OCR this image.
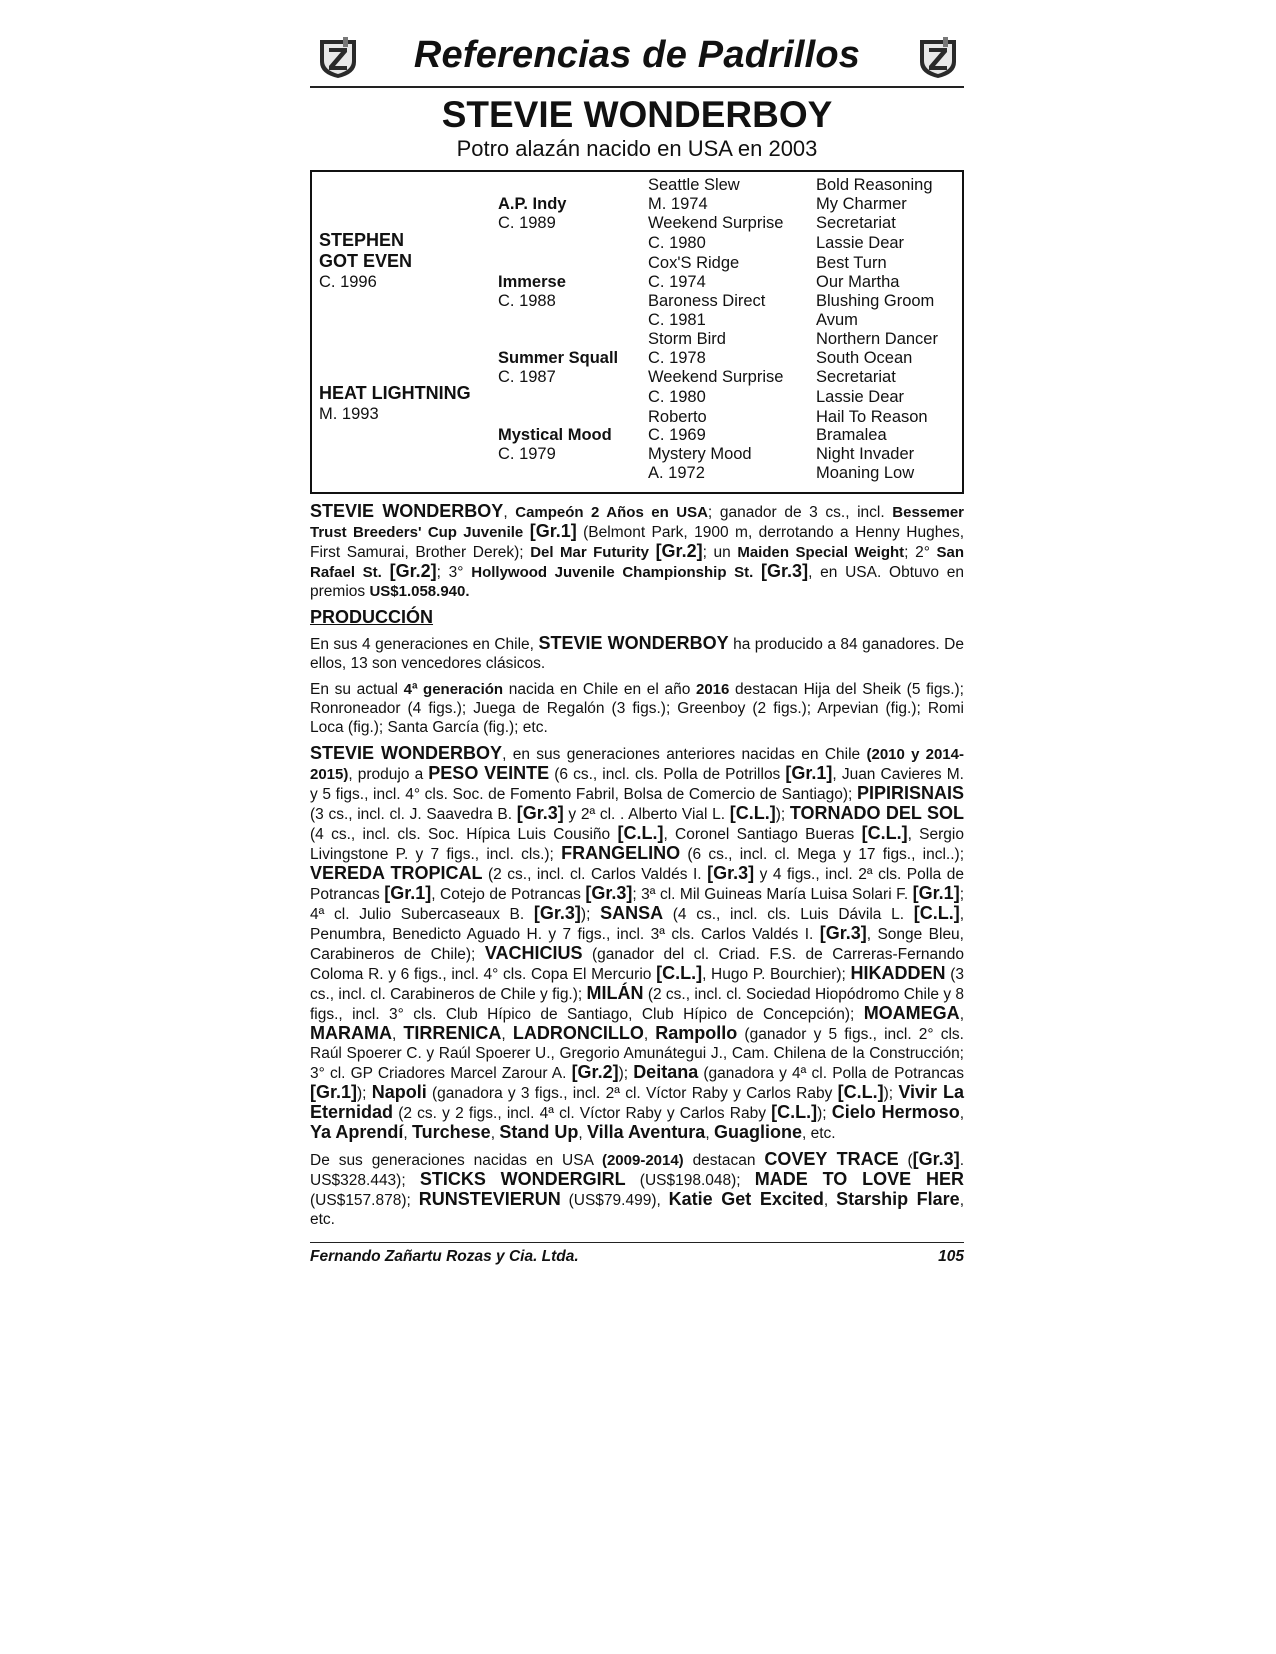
Referencias de Padrillos
STEVIE WONDERBOY
Potro alazán nacido en USA en 2003
STEPHEN
GOT EVEN
C. 1996
HEAT LIGHTNING
M. 1993
A.P. Indy
C. 1989
Immerse
C. 1988
Summer Squall
C. 1987
Mystical Mood
C. 1979
Seattle Slew
M. 1974
Weekend Surprise
C. 1980
Cox'S Ridge
C. 1974
Baroness Direct
C. 1981
Storm Bird
C. 1978
Weekend Surprise
C. 1980
Roberto
C. 1969
Mystery Mood
A. 1972
Bold Reasoning
My Charmer
Secretariat
Lassie Dear
Best Turn
Our Martha
Blushing Groom
Avum
Northern Dancer
South Ocean
Secretariat
Lassie Dear
Hail To Reason
Bramalea
Night Invader
Moaning Low

STEVIE WONDERBOY, Campeón 2 Años en USA; ganador de 3 cs., incl. Bessemer Trust Breeders' Cup Juvenile [Gr.1] (Belmont Park, 1900 m, derrotando a Henny Hughes, First Samurai, Brother Derek); Del Mar Futurity [Gr.2]; un Maiden Special Weight; 2° San Rafael St. [Gr.2]; 3° Hollywood Juvenile Championship St. [Gr.3], en USA. Obtuvo en premios US$1.058.940.

PRODUCCIÓN

En sus 4 generaciones en Chile, STEVIE WONDERBOY ha producido a 84 ganadores. De ellos, 13 son vencedores clásicos.

En su actual 4ª generación nacida en Chile en el año 2016 destacan Hija del Sheik (5 figs.); Ronroneador (4 figs.); Juega de Regalón (3 figs.); Greenboy (2 figs.); Arpevian (fig.); Romi Loca (fig.); Santa García (fig.); etc.

STEVIE WONDERBOY, en sus generaciones anteriores nacidas en Chile (2010 y 2014-2015), produjo a PESO VEINTE (6 cs., incl. cls. Polla de Potrillos [Gr.1], Juan Cavieres M. y 5 figs., incl. 4° cls. Soc. de Fomento Fabril, Bolsa de Comercio de Santiago); PIPIRISNAIS (3 cs., incl. cl. J. Saavedra B. [Gr.3] y 2ª cl. . Alberto Vial L. [C.L.]); TORNADO DEL SOL (4 cs., incl. cls. Soc. Hípica Luis Cousiño [C.L.], Coronel Santiago Bueras [C.L.], Sergio Livingstone P. y 7 figs., incl. cls.); FRANGELINO (6 cs., incl. cl. Mega y 17 figs., incl..); VEREDA TROPICAL (2 cs., incl. cl. Carlos Valdés I. [Gr.3] y 4 figs., incl. 2ª cls. Polla de Potrancas [Gr.1], Cotejo de Potrancas [Gr.3]; 3ª cl. Mil Guineas María Luisa Solari F. [Gr.1]; 4ª cl. Julio Subercaseaux B. [Gr.3]); SANSA (4 cs., incl. cls. Luis Dávila L. [C.L.], Penumbra, Benedicto Aguado H. y 7 figs., incl. 3ª cls. Carlos Valdés I. [Gr.3], Songe Bleu, Carabineros de Chile); VACHICIUS (ganador del cl. Criad. F.S. de Carreras-Fernando Coloma R. y 6 figs., incl. 4° cls. Copa El Mercurio [C.L.], Hugo P. Bourchier); HIKADDEN (3 cs., incl. cl. Carabineros de Chile y fig.); MILÁN (2 cs., incl. cl. Sociedad Hiopódromo Chile y 8 figs., incl. 3° cls. Club Hípico de Santiago, Club Hípico de Concepción); MOAMEGA, MARAMA, TIRRENICA, LADRONCILLO, Rampollo (ganador y 5 figs., incl. 2° cls. Raúl Spoerer C. y Raúl Spoerer U., Gregorio Amunátegui J., Cam. Chilena de la Construcción; 3° cl. GP Criadores Marcel Zarour A. [Gr.2]); Deitana (ganadora y 4ª cl. Polla de Potrancas [Gr.1]); Napoli (ganadora y 3 figs., incl. 2ª cl. Víctor Raby y Carlos Raby [C.L.]); Vivir La Eternidad (2 cs. y 2 figs., incl. 4ª cl. Víctor Raby y Carlos Raby [C.L.]); Cielo Hermoso, Ya Aprendí, Turchese, Stand Up, Villa Aventura, Guaglione, etc.

De sus generaciones nacidas en USA (2009-2014) destacan COVEY TRACE ([Gr.3]. US$328.443); STICKS WONDERGIRL (US$198.048); MADE TO LOVE HER (US$157.878); RUNSTEVIERUN (US$79.499), Katie Get Excited, Starship Flare, etc.

Fernando Zañartu Rozas y Cia. Ltda.	105
